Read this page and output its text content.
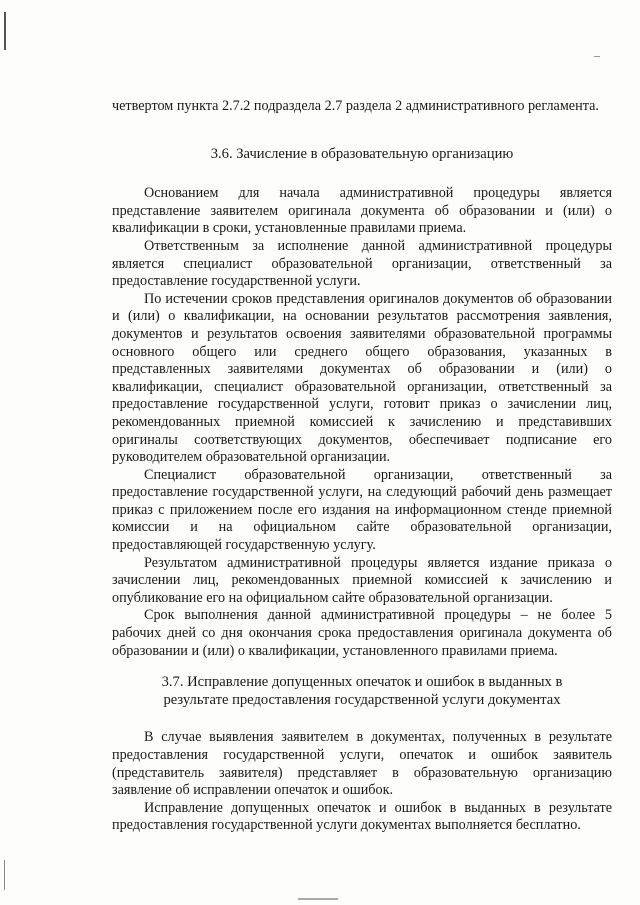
четвертом пункта 2.7.2 подраздела 2.7 раздела 2 административного регламента.

3.6. Зачисление в образовательную организацию

Основанием для начала административной процедуры является представление заявителем оригинала документа об образовании и (или) о квалификации в сроки, установленные правилами приема.

Ответственным за исполнение данной административной процедуры является специалист образовательной организации, ответственный за предоставление государственной услуги.

По истечении сроков представления оригиналов документов об образовании и (или) о квалификации, на основании результатов рассмотрения заявления, документов и результатов освоения заявителями образовательной программы основного общего или среднего общего образования, указанных в представленных заявителями документах об образовании и (или) о квалификации, специалист образовательной организации, ответственный за предоставление государственной услуги, готовит приказ о зачислении лиц, рекомендованных приемной комиссией к зачислению и представивших оригиналы соответствующих документов, обеспечивает подписание его руководителем образовательной организации.

Специалист образовательной организации, ответственный за предоставление государственной услуги, на следующий рабочий день размещает приказ с приложением после его издания на информационном стенде приемной комиссии и на официальном сайте образовательной организации, предоставляющей государственную услугу.

Результатом административной процедуры является издание приказа о зачислении лиц, рекомендованных приемной комиссией к зачислению и опубликование его на официальном сайте образовательной организации.

Срок выполнения данной административной процедуры – не более 5 рабочих дней со дня окончания срока предоставления оригинала документа об образовании и (или) о квалификации, установленного правилами приема.

3.7. Исправление допущенных опечаток и ошибок в выданных в результате предоставления государственной услуги документах

В случае выявления заявителем в документах, полученных в результате предоставления государственной услуги, опечаток и ошибок заявитель (представитель заявителя) представляет в образовательную организацию заявление об исправлении опечаток и ошибок.

Исправление допущенных опечаток и ошибок в выданных в результате предоставления государственной услуги документах выполняется бесплатно.
